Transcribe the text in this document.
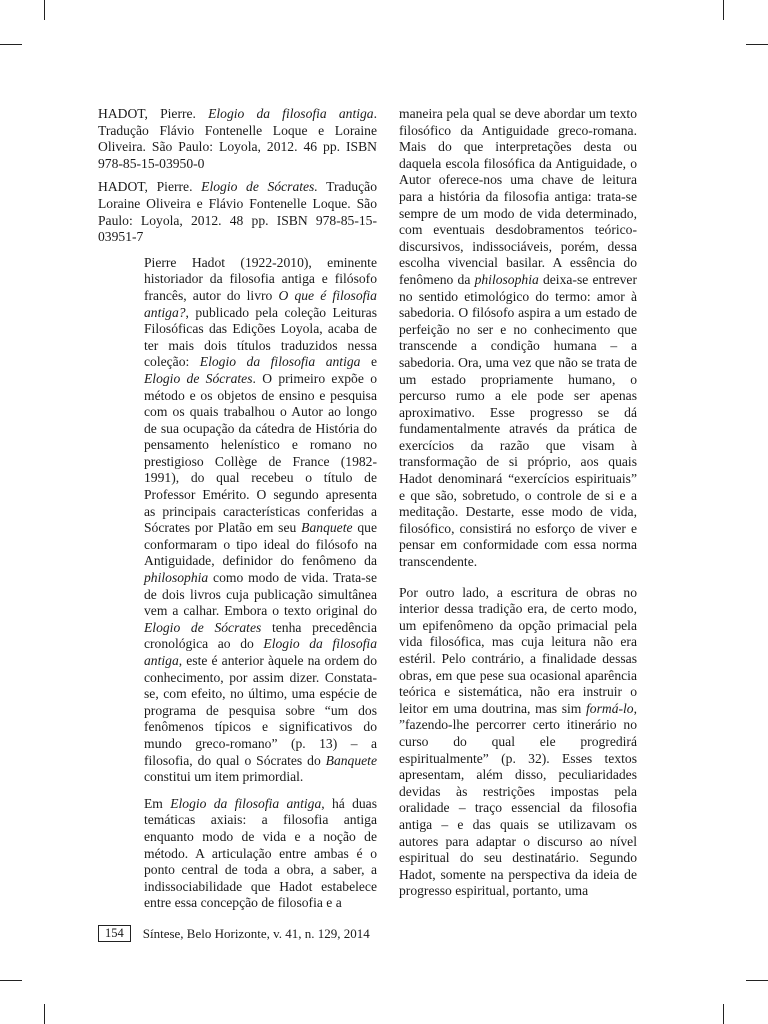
HADOT, Pierre. Elogio da filosofia antiga. Tradução Flávio Fontenelle Loque e Loraine Oliveira. São Paulo: Loyola, 2012. 46 pp. ISBN 978-85-15-03950-0

HADOT, Pierre. Elogio de Sócrates. Tradução Loraine Oliveira e Flávio Fontenelle Loque. São Paulo: Loyola, 2012. 48 pp. ISBN 978-85-15-03951-7

Pierre Hadot (1922-2010), eminente historiador da filosofia antiga e filósofo francês, autor do livro O que é filosofia antiga?, publicado pela coleção Leituras Filosóficas das Edições Loyola, acaba de ter mais dois títulos traduzidos nessa coleção: Elogio da filosofia antiga e Elogio de Sócrates. O primeiro expõe o método e os objetos de ensino e pesquisa com os quais trabalhou o Autor ao longo de sua ocupação da cátedra de História do pensamento helenístico e romano no prestigioso Collège de France (1982-1991), do qual recebeu o título de Professor Emérito. O segundo apresenta as principais características conferidas a Sócrates por Platão em seu Banquete que conformaram o tipo ideal do filósofo na Antiguidade, definidor do fenômeno da philosophia como modo de vida. Trata-se de dois livros cuja publicação simultânea vem a calhar. Embora o texto original do Elogio de Sócrates tenha precedência cronológica ao do Elogio da filosofia antiga, este é anterior àquele na ordem do conhecimento, por assim dizer. Constata-se, com efeito, no último, uma espécie de programa de pesquisa sobre “um dos fenômenos típicos e significativos do mundo greco-romano” (p. 13) – a filosofia, do qual o Sócrates do Banquete constitui um item primordial.

Em Elogio da filosofia antiga, há duas temáticas axiais: a filosofia antiga enquanto modo de vida e a noção de método. A articulação entre ambas é o ponto central de toda a obra, a saber, a indissociabilidade que Hadot estabelece entre essa concepção de filosofia e a

maneira pela qual se deve abordar um texto filosófico da Antiguidade greco-romana. Mais do que interpretações desta ou daquela escola filosófica da Antiguidade, o Autor oferece-nos uma chave de leitura para a história da filosofia antiga: trata-se sempre de um modo de vida determinado, com eventuais desdobramentos teórico-discursivos, indissociáveis, porém, dessa escolha vivencial basilar. A essência do fenômeno da philosophia deixa-se entrever no sentido etimológico do termo: amor à sabedoria. O filósofo aspira a um estado de perfeição no ser e no conhecimento que transcende a condição humana – a sabedoria. Ora, uma vez que não se trata de um estado propriamente humano, o percurso rumo a ele pode ser apenas aproximativo. Esse progresso se dá fundamentalmente através da prática de exercícios da razão que visam à transformação de si próprio, aos quais Hadot denominará “exercícios espirituais” e que são, sobretudo, o controle de si e a meditação. Destarte, esse modo de vida, filosófico, consistirá no esforço de viver e pensar em conformidade com essa norma transcendente.

Por outro lado, a escritura de obras no interior dessa tradição era, de certo modo, um epifenômeno da opção primacial pela vida filosófica, mas cuja leitura não era estéril. Pelo contrário, a finalidade dessas obras, em que pese sua ocasional aparência teórica e sistemática, não era instruir o leitor em uma doutrina, mas sim formá-lo, ”fazendo-lhe percorrer certo itinerário no curso do qual ele progredirá espiritualmente” (p. 32). Esses textos apresentam, além disso, peculiaridades devidas às restrições impostas pela oralidade – traço essencial da filosofia antiga – e das quais se utilizavam os autores para adaptar o discurso ao nível espiritual do seu destinatário. Segundo Hadot, somente na perspectiva da ideia de progresso espiritual, portanto, uma

154	Síntese, Belo Horizonte, v. 41, n. 129, 2014
